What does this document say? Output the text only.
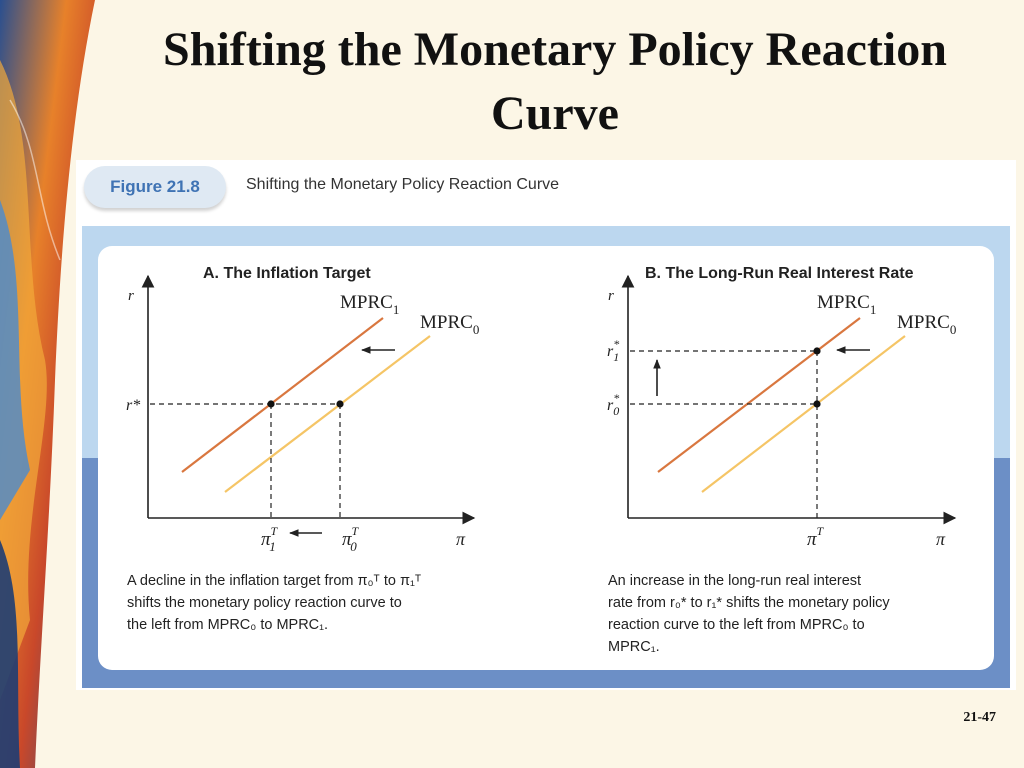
Shifting the Monetary Policy Reaction Curve
Figure 21.8	Shifting the Monetary Policy Reaction Curve
A. The Inflation Target
r
π
r*
$MPRC_1$
$MPRC_0$
$\pi^T$ 1	$\pi^T$ 0
B. The Long-Run Real Interest Rate
r
π
r* 1
r* 0
$MPRC_1$
$MPRC_0$
$\pi^T$
A decline in the inflation target from π₀ᵀ to π₁ᵀ
shifts the monetary policy reaction curve to
the left from MPRC₀ to MPRC₁.
An increase in the long-run real interest
rate from r₀* to r₁* shifts the monetary policy
reaction curve to the left from MPRC₀ to
MPRC₁.
21-47
